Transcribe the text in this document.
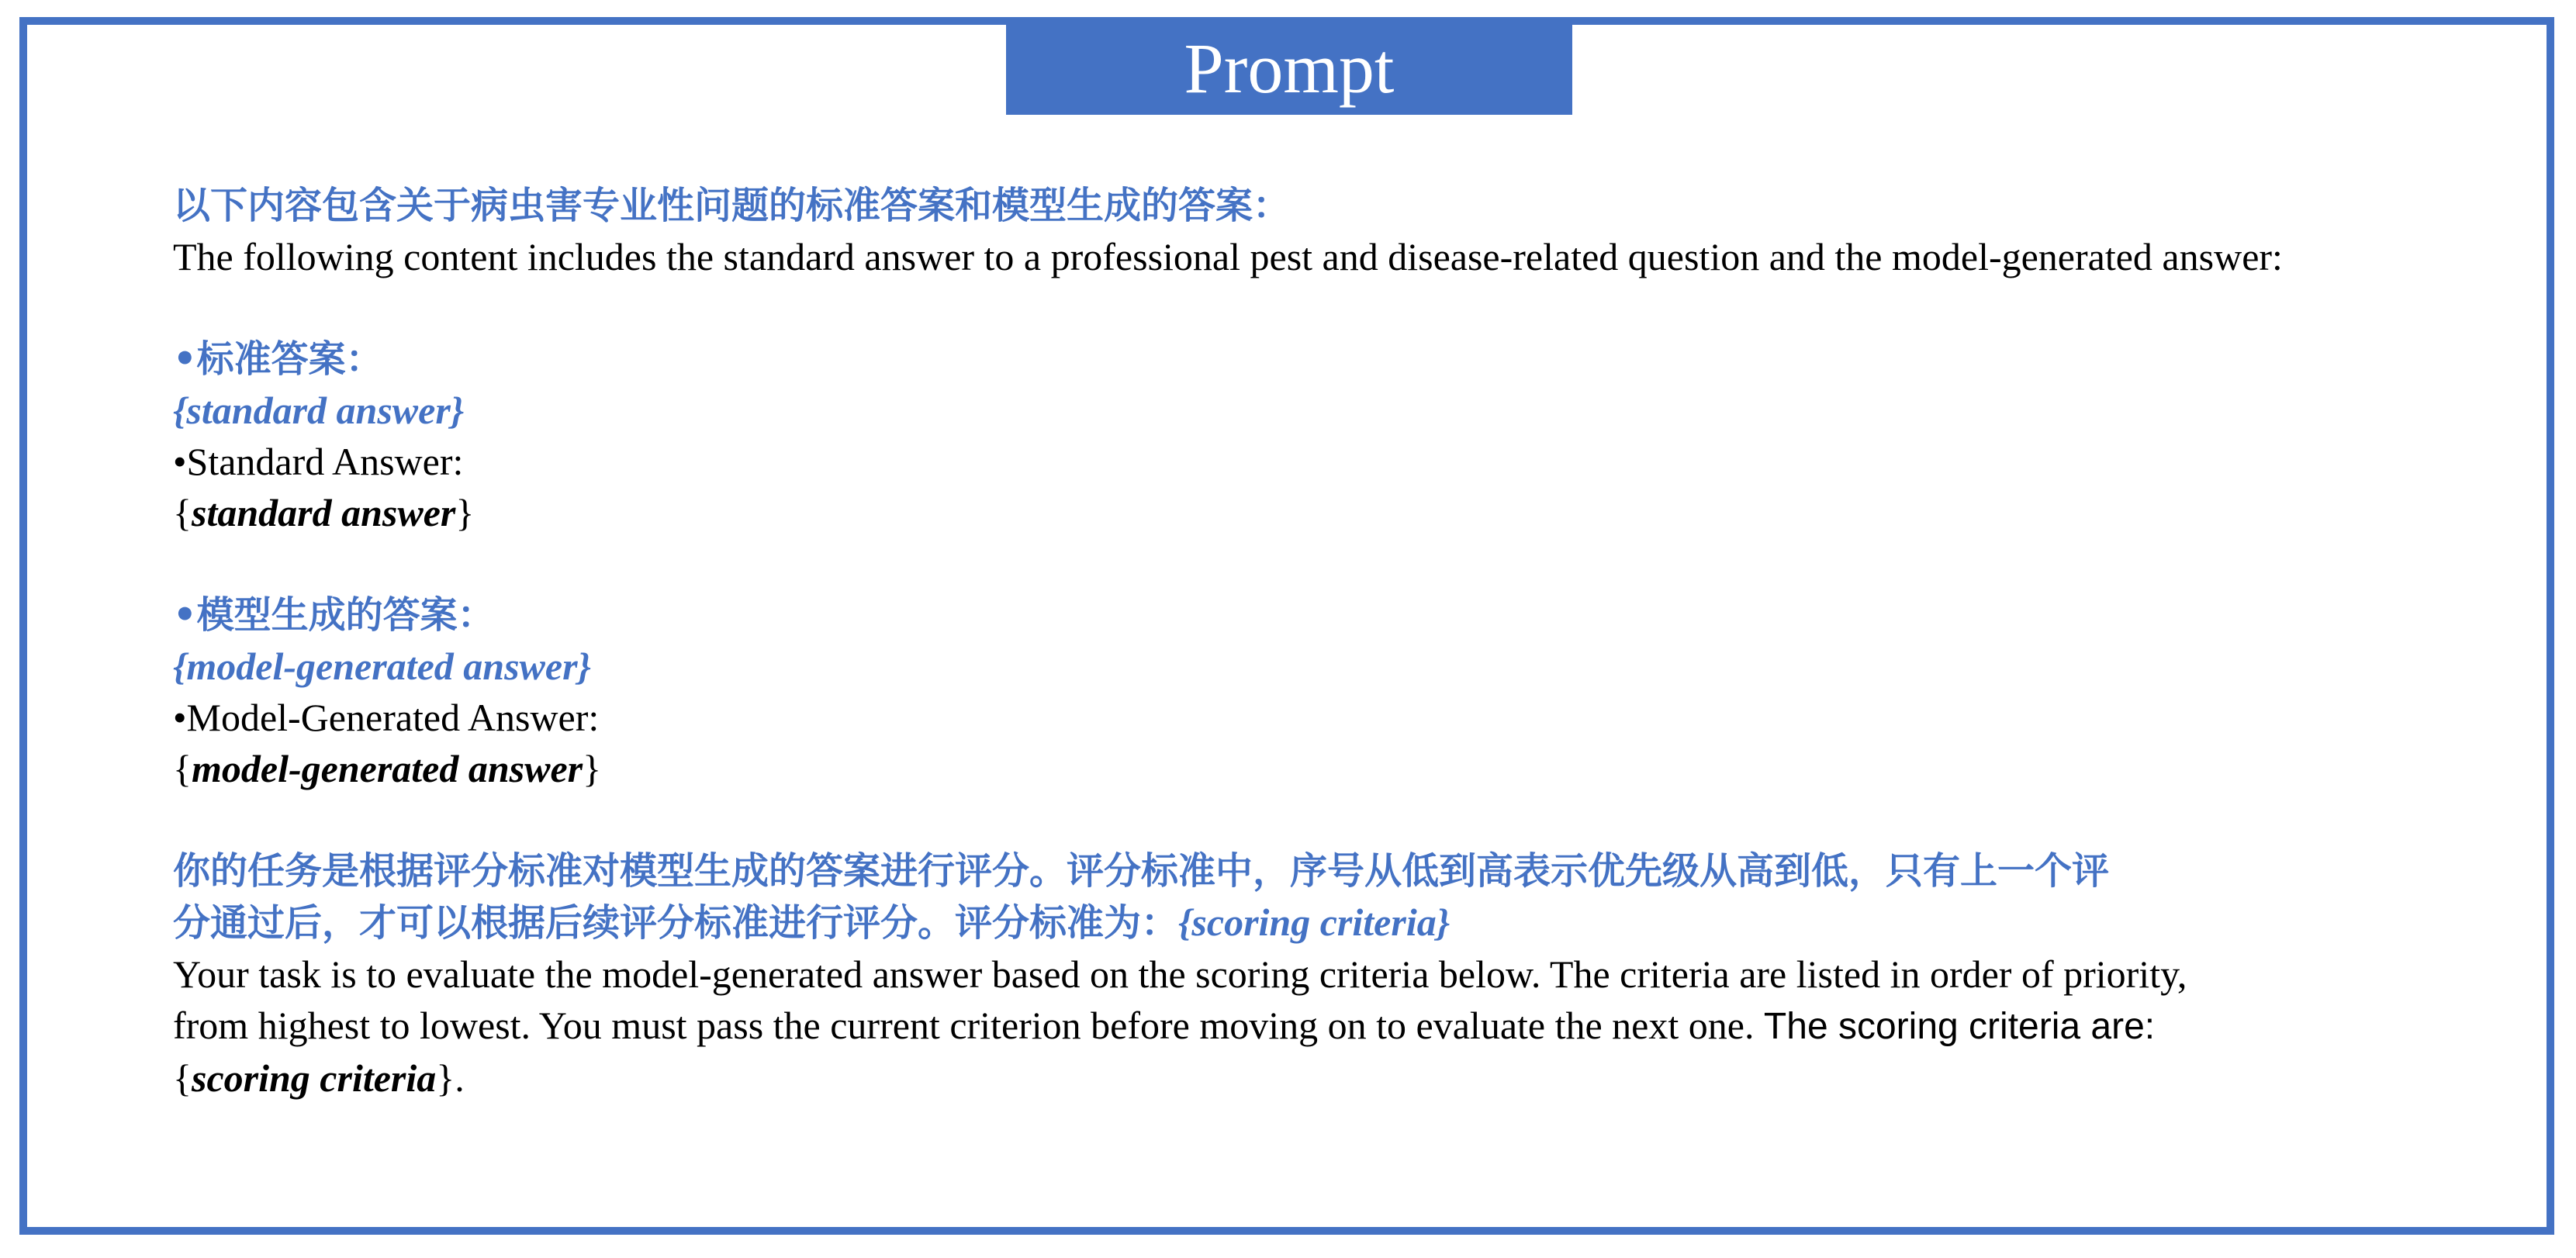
Prompt
以下内容包含关于病虫害专业性问题的标准答案和模型生成的答案：
The following content includes the standard answer to a professional pest and disease-related question and the model-generated answer:
•标准答案：
{standard answer}
•Standard Answer:
{standard answer}
•模型生成的答案：
{model-generated answer}
•Model-Generated Answer:
{model-generated answer}
你的任务是根据评分标准对模型生成的答案进行评分。评分标准中，序号从低到高表示优先级从高到低，只有上一个评
分通过后，才可以根据后续评分标准进行评分。评分标准为：{scoring criteria}
Your task is to evaluate the model-generated answer based on the scoring criteria below. The criteria are listed in order of priority,
from highest to lowest. You must pass the current criterion before moving on to evaluate the next one. The scoring criteria are:
{scoring criteria}.
